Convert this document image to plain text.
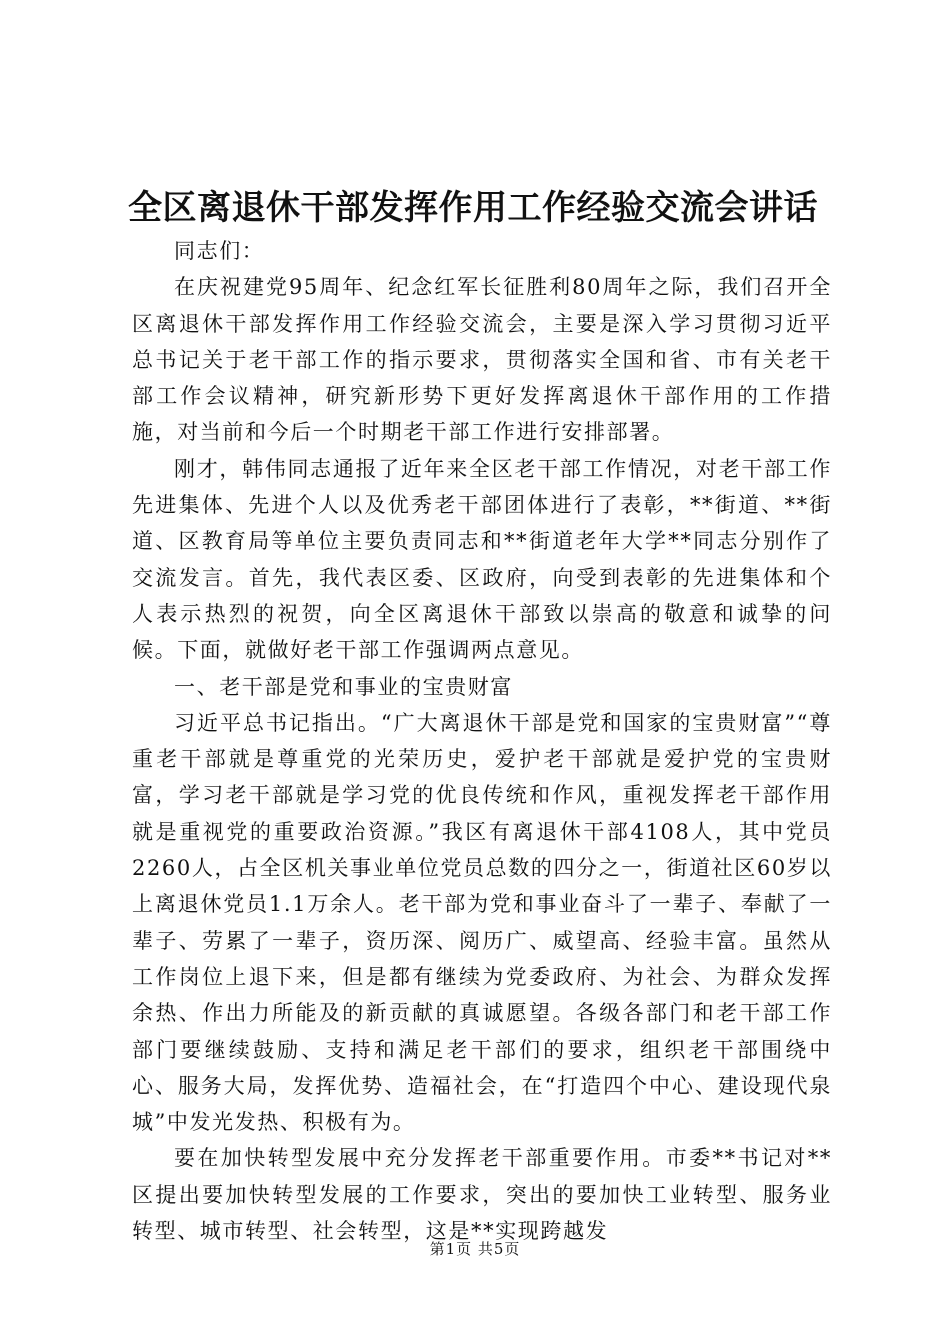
全区离退休干部发挥作用工作经验交流会讲话

同志们：

在庆祝建党95周年、纪念红军长征胜利80周年之际，我们召开全区离退休干部发挥作用工作经验交流会，主要是深入学习贯彻习近平总书记关于老干部工作的指示要求，贯彻落实全国和省、市有关老干部工作会议精神，研究新形势下更好发挥离退休干部作用的工作措施，对当前和今后一个时期老干部工作进行安排部署。

刚才，韩伟同志通报了近年来全区老干部工作情况，对老干部工作先进集体、先进个人以及优秀老干部团体进行了表彰，**街道、**街道、区教育局等单位主要负责同志和**街道老年大学**同志分别作了交流发言。首先，我代表区委、区政府，向受到表彰的先进集体和个人表示热烈的祝贺，向全区离退休干部致以崇高的敬意和诚挚的问候。下面，就做好老干部工作强调两点意见。

一、老干部是党和事业的宝贵财富

习近平总书记指出。“广大离退休干部是党和国家的宝贵财富”“尊重老干部就是尊重党的光荣历史，爱护老干部就是爱护党的宝贵财富，学习老干部就是学习党的优良传统和作风，重视发挥老干部作用就是重视党的重要政治资源。”我区有离退休干部4108人，其中党员2260人，占全区机关事业单位党员总数的四分之一，街道社区60岁以上离退休党员1.1万余人。老干部为党和事业奋斗了一辈子、奉献了一辈子、劳累了一辈子，资历深、阅历广、威望高、经验丰富。虽然从工作岗位上退下来，但是都有继续为党委政府、为社会、为群众发挥余热、作出力所能及的新贡献的真诚愿望。各级各部门和老干部工作部门要继续鼓励、支持和满足老干部们的要求，组织老干部围绕中心、服务大局，发挥优势、造福社会，在“打造四个中心、建设现代泉城”中发光发热、积极有为。

要在加快转型发展中充分发挥老干部重要作用。市委**书记对**区提出要加快转型发展的工作要求，突出的要加快工业转型、服务业转型、城市转型、社会转型，这是**实现跨越发

第1页 共5页
